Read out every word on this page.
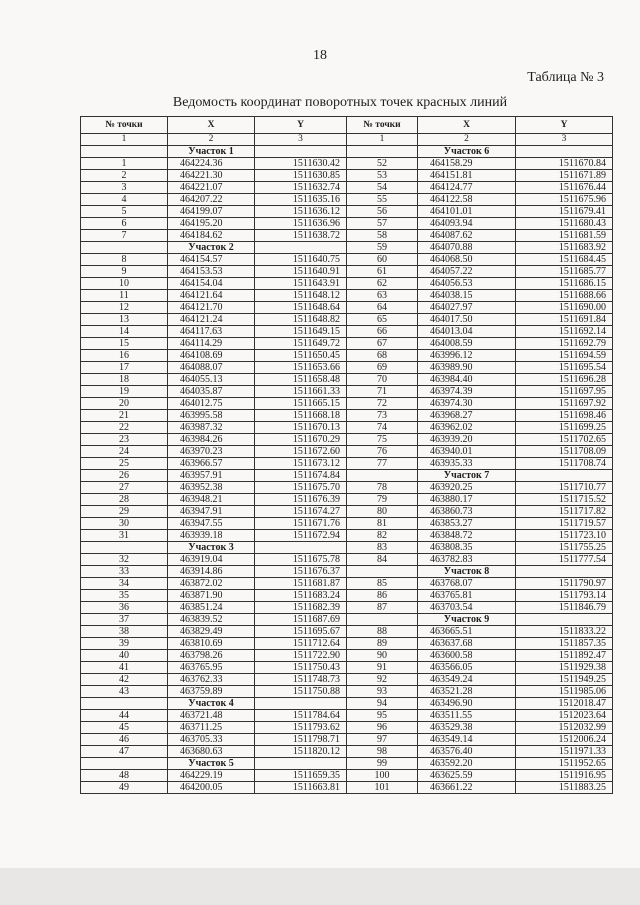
18
Таблица № 3
Ведомость координат поворотных точек красных линий
№ точки	X	Y	№ точки	X	Y
1	2	3	1	2	3
	Участок 1			Участок 6	
1	464224.36	1511630.42	52	464158.29	1511670.84
2	464221.30	1511630.85	53	464151.81	1511671.89
3	464221.07	1511632.74	54	464124.77	1511676.44
4	464207.22	1511635.16	55	464122.58	1511675.96
5	464199.07	1511636.12	56	464101.01	1511679.41
6	464195.20	1511636.96	57	464093.94	1511680.43
7	464184.62	1511638.72	58	464087.62	1511681.59
	Участок 2		59	464070.88	1511683.92
8	464154.57	1511640.75	60	464068.50	1511684.45
9	464153.53	1511640.91	61	464057.22	1511685.77
10	464154.04	1511643.91	62	464056.53	1511686.15
11	464121.64	1511648.12	63	464038.15	1511688.66
12	464121.70	1511648.64	64	464027.97	1511690.00
13	464121.24	1511648.82	65	464017.50	1511691.84
14	464117.63	1511649.15	66	464013.04	1511692.14
15	464114.29	1511649.72	67	464008.59	1511692.79
16	464108.69	1511650.45	68	463996.12	1511694.59
17	464088.07	1511653.66	69	463989.90	1511695.54
18	464055.13	1511658.48	70	463984.40	1511696.28
19	464035.87	1511661.33	71	463974.39	1511697.95
20	464012.75	1511665.15	72	463974.30	1511697.92
21	463995.58	1511668.18	73	463968.27	1511698.46
22	463987.32	1511670.13	74	463962.02	1511699.25
23	463984.26	1511670.29	75	463939.20	1511702.65
24	463970.23	1511672.60	76	463940.01	1511708.09
25	463966.57	1511673.12	77	463935.33	1511708.74
26	463957.91	1511674.84		Участок 7	
27	463952.38	1511675.70	78	463920.25	1511710.77
28	463948.21	1511676.39	79	463880.17	1511715.52
29	463947.91	1511674.27	80	463860.73	1511717.82
30	463947.55	1511671.76	81	463853.27	1511719.57
31	463939.18	1511672.94	82	463848.72	1511723.10
	Участок 3		83	463808.35	1511755.25
32	463919.04	1511675.78	84	463782.83	1511777.54
33	463914.86	1511676.37		Участок 8	
34	463872.02	1511681.87	85	463768.07	1511790.97
35	463871.90	1511683.24	86	463765.81	1511793.14
36	463851.24	1511682.39	87	463703.54	1511846.79
37	463839.52	1511687.69		Участок 9	
38	463829.49	1511695.67	88	463665.51	1511833.22
39	463810.69	1511712.64	89	463637.68	1511857.35
40	463798.26	1511722.90	90	463600.58	1511892.47
41	463765.95	1511750.43	91	463566.05	1511929.38
42	463762.33	1511748.73	92	463549.24	1511949.25
43	463759.89	1511750.88	93	463521.28	1511985.06
	Участок 4		94	463496.90	1512018.47
44	463721.48	1511784.64	95	463511.55	1512023.64
45	463711.25	1511793.62	96	463529.38	1512032.99
46	463705.33	1511798.71	97	463549.14	1512006.24
47	463680.63	1511820.12	98	463576.40	1511971.33
	Участок 5		99	463592.20	1511952.65
48	464229.19	1511659.35	100	463625.59	1511916.95
49	464200.05	1511663.81	101	463661.22	1511883.25
